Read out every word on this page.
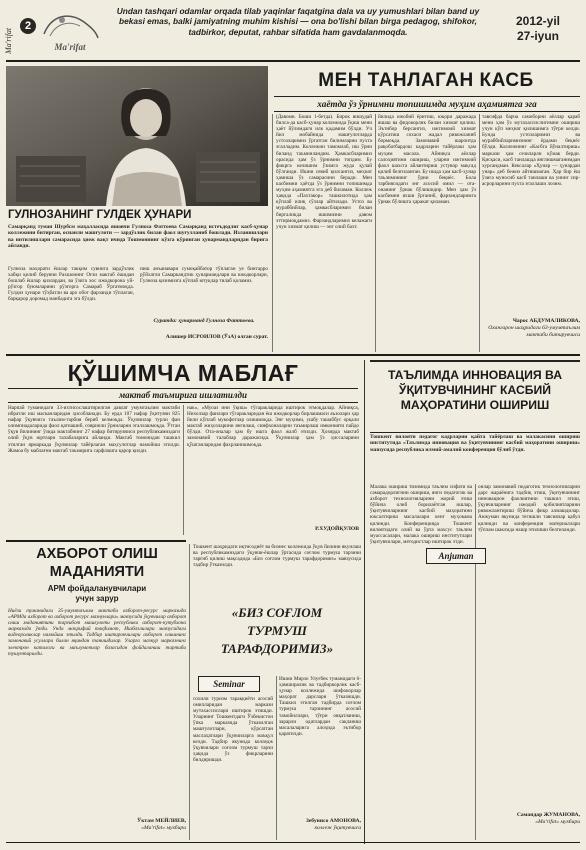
Ma'rifat
2
Ma'rifat
Undan tashqari odamlar orqada tilab yaqinlar faqatgina dala va uy yumushlari bilan band uy bekasi emas, balki jamiyatning muhim kishisi — ona bo'lishi bilan birga pedagog, shifokor, tadbirkor, deputat, rahbar sifatida ham gavdalanmoqda.
2012-yil
27-iyun
МЕН ТАНЛАГАН КАСБ
хаётда ўз ўрнимни топишимда муҳим аҳамиятга эга
ГУЛНОЗАНИНГ ГУЛДЕК ҲУНАРИ
Самарқанд туман Шурбсм маҳалласида яшовчи Гулноза Фаттоева Самарқанд истеъдодлиг касб-ҳунар коллежини битирган, оснанли машғулоти — зардўзлик билан фаол шуғулланиб бошлади. Изланишлари ва интилишлари самарасида ҳиеж вақт ичида Тошмоннинг кўзга кўринган ҳунармандларидан бирига айланди.
Гулноза маҳорати ёшлар такқим сувинга зардўзлик хабқи қилиб берувчи Рахшонинг Оғзи мактаб ёшидан бошлаб ёшлар қизлардан, ва ўзига хос ижодкорона уй-рўзгор буюмларини рўзғорга Самараб Ўргатмоқда. Гулдиз ҳунари тўҳбатли ва аро обот фарзанди тўплаган, барқарор доромад манбадига эга бўлди.
ниш анъанавари сумоқайбатор тўплаган уе бинтарро рўйхатли Самаркандтик ҳунармандлари ва ижодкорлари, Гулноза қизимизга кўплаб ютуқлар тилаб қоламиз.
Суратда: ҳунарманд Гулноза Фаттоева.
Алишер ИСРОИЛОВ (ЎзА) олган сурат.
(Давоми. Боши 1-бетда). Бирок вишудай билса-да касб-ҳунар коллежида ўқиш мени ҳаёт йўлимдаги илк қадамим бўлди. Уч йил мобайнида машғулотларда устозларимиз ўргатган билимларни пухта эгалладим. Коллежни тамомлаб, иш ўрни биланд таъминландим. Ҳамкасбларимиз орасида ҳам ўз ўрнимни топдим. Бу фикрга келишим ўзимга жуда қулай бўлганди. Ишни севиб қилсангиз, меҳнат ҳамиша ўз самарасини беради. Мен касбимни ҳаётда ўз ўрнимни топишимда муҳим аҳамиятга эга деб биламан. Коллеж ҳақида «Пахтакор» ташкилотида ҳам кўплаб илиқ сўзлар айтилади. Устоз ва мураббийлар, ҳамкасбларимиз билан биргаликда ишимизни давом эттирмоқдамиз. Фарзандларимиз келажаги учун хизмат қилиш — энг олий бахт.
йилида ижобий ёритиш, юқори даражада яшаш ва фидокорлик билан хизмат қилиш. Эътибор берсангиз, ижтимоий хизмат кўрсатиш сохаси жадал ривожланиб бормоқда. Замонавий шароитда рақобатбардош кадрларни тайёрлаш ҳам муҳим масала. Айниқса аёллар салоҳиятини ошириш, уларни ижтимоий фаол шахсга айлантириш устувор мақсад қилиб белгиланган. Бу ишда ҳам касб-ҳунар таълимининг ўрни беқиёс. Бола тарбиясидаги энг асосий омил — ота-онанинг ўрнак бўлишидир. Мен ҳам ўз касбимни яхши ўрганиб, фарзандларимга ўрнак бўлишга ҳаракат қиламан.
тавсифда барча самоборни аёллар қараб мени ҳам ўз мутахассислигимни ошириш учун кўп меҳнат қилишимга тўғри келди. Бунда устозларимиз ва мураббийларимизнинг ёрдами беқиёс бўлди. Коллежнинг «Касбга йўналтириш» маркази ҳам сезиларли кўмак берди. Қисқаси, касб танлашда янглишмаганимдан хурсандман. Кексалар «Ҳунар — ҳунардан унар» деб бежиз айтишмаган. Ҳар бир ёш ўзига муносиб касб танлаши ва унинг сир-асрорларини пухта эгаллаши лозим.
Чарос АБДУМАЛИКОВА,
Охангарон шаҳридаги 63-умумтаълим мактаби битирувчиси
ҚЎШИМЧА МАБЛАҒ
мактаб таъмирига ишлатилди
Нарпай туманидаги 33-ихтисослаштирилган давлат умумтаълим мактаби ибратли иш масканларидан ҳисобланади. Бу ерда 107 нафар ўқитувчи 825 нафар ўқувчига таълим-тарбия бериб келмоқда. Ўқувчилар турли фан олимпиадаларида фаол қатнашиб, совринли ўринларни эгаллашмоқда. Ўтган ўқув йилининг ўзида мактабнинг 27 нафар битирувчиси республикамиздаги олий ўқув юртлари талабаларига айланди. Мактаб томонидан ташкил этилган ярмаркада ўқувчилар тайёрлаган маҳсулотлар намойиш этилди. Жамоа бу маблағни мактаб таъмирига сарфлашга қарор қилди.
нак», «Муоаз ини ўқиш» тўгаракларида иштирок этмоқдалар. Айниқса, Нихолзар фанлари тўгаракларидан ёш ижодкорлар бирлашмаси аъзолари ҳар йили кўплаб мукофотлар олишмоқда. Энг муҳими, ушбу ташаббус орқали мактаб жиҳозларини янгилаш, синфхоналарни таъмирлаш имконияти пайдо бўлди. Ота-оналар ҳам бу ишга фаол жалб этилди. Ҳозирда мактаб замонавий талаблар даражасида. Ўқувчилар ҳам ўз ҳиссаларини қўшганларидан фахрланишмоқда.
Р.ХУДОЙҚУЛОВ
ТАЪЛИМДА ИННОВАЦИЯ ВА
ЎҚИТУВЧИНИНГ КАСБИЙ
МАҲОРАТИНИ ОШИРИШ
Тошкент вилояти педагог кадрларни қайта тайёрлаш ва малакасини ошириш институтида «Таълимда инновация ва ўқитувчининг касбий маҳоратини ошириш» мавзусида республика илмий-амалий конференция бўлиб ўтди.
Малака ошириш тизимида таълим сифати ва самарадорлигини ошириш, янги педагогик ва ахборот технологияларини жорий этиш бўйича олиб борилаётган ишлар, ўқитувчиларнинг касбий маҳоратини юксалтириш масалалари кенг муҳокама қилинди. Конференцияда Тошкент вилоятидаги олий ва ўрта махсус таълим муассасалари, малака ошириш институтлари ўқитувчилари, методистлар иштирок этди.
онлар замонавий педагогик технологияларни дарс жараёнига тадбиқ этиш, ўқитувчининг инновацион фаолиятини ташкил этиш, ўқувчиларнинг ижодий қобилиятларини ривожлантириш бўйича фикр алмашдилар. Анжуман якунида тегишли тавсиялар қабул қилинди ва конференция материаллари тўплам шаклида нашр этилиши белгиланди.
Anjuman
Самандар ЖУМАНОВА,
«Ma'rifat» мухбири
АХБОРОТ ОЛИШ
МАДАНИЯТИ
АРМ фойдаланувчилари
учун зарур
Ниёзи туманидаги 35-умумтаълим мактаби ахборот-ресурс марказида «АРМда ахборот ва ахборот ресурс мазнунлари» мавзусида ўқувчилар ахборот олиш маданиятини тарғибот машғулоти республика ахборот-кутубхона марказида ўтди. Унда маърифий тақдимот, Ишбаъзилари мавзусидаги видеороликлар намойиш этилди. Тадбир иштирокчилари ахборот олишнинг замонавий усуллари билан яқиндан танишдилар. Уларга мазкур марказнинг электрон каталоги ва маълумотлар базасидан фойдаланиш тартиби тушунтирилди.
Ўктам МЕЙЛИЕВ,
«Ma'rifat» мухбири
Тошкент шаҳридаги иқтисодиёт ва бизнес коллежида ўқув йилини якунлаш ва республикамиздаги ўқувчи-ёшлар ўртасида соғлом турмуш тарзини тарғиб қилиш мақсадида «Биз соғлом турмуш тарафдоримиз» мавзусида тадбир ўтказилди.
«БИЗ СОҒЛОМ
ТУРМУШ
ТАРАФДОРИМИЗ»
Seminar
сохили туризм тараққиёти асосий омилларидан маркази мутахассислари иштирок этишди. Уларнинг Тошкентдаги Ўзбекистон ўпка марказида ўтказилган машғулотлари, кўрсатган маслаҳатлари ўқувчиларга маъқул келди. Тадбир якунида колледж ўқувчилари соғлом турмуш тарзи ҳақида ўз фикрларини билдиришди.
Ишни Мирзо Улуғбек туманидаги 6-ҳамширалик ва тадбиркорлик касб-ҳунар коллежида шифокорлар маҳорат дарслари ўтказишди. Ташкил этилган тадбирда соғлом турмуш тарзининг асосий тамойиллари, тўғри овқатланиш, зарарли одатлардан сақланиш масалаларига алоҳида эътибор қаратилди.
Зебунисо АМОНОВА,
коллеж ўқитувчиси
